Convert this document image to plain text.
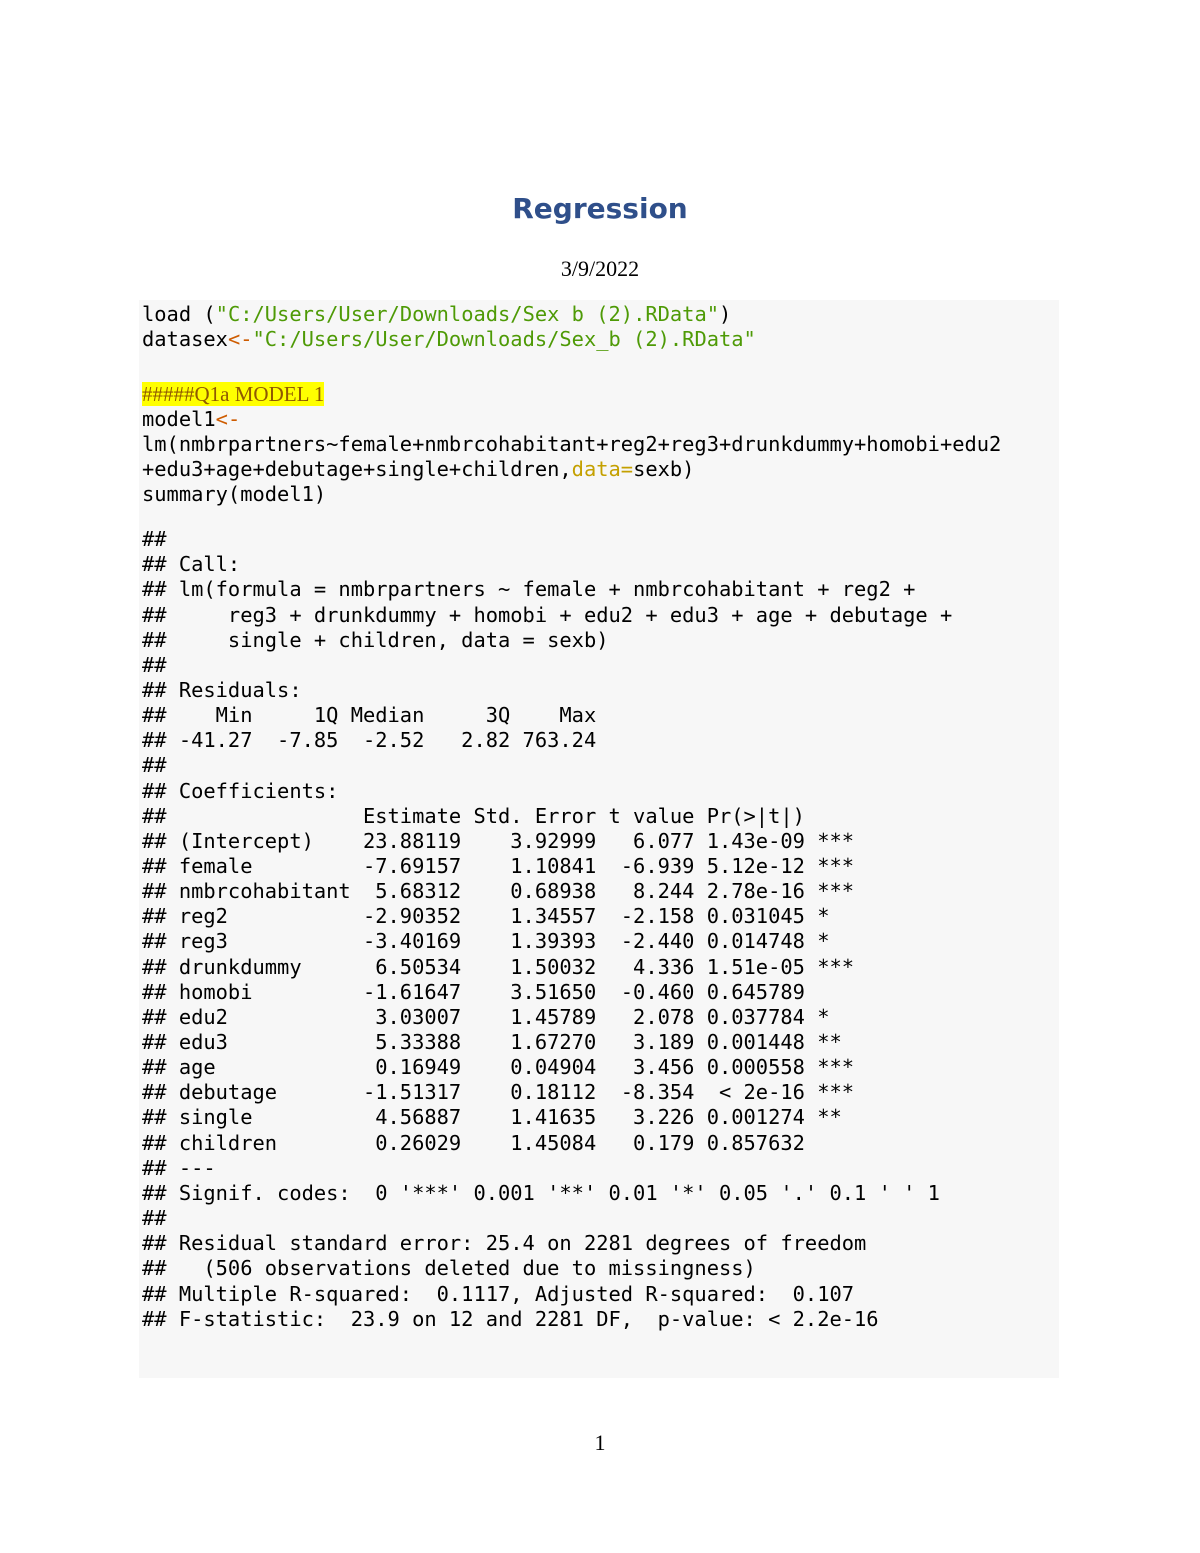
Regression
3/9/2022
load ("C:/Users/User/Downloads/Sex b (2).RData")
datasex<-"C:/Users/User/Downloads/Sex_b (2).RData"
#####Q1a MODEL 1
model1<-
lm(nmbrpartners~female+nmbrcohabitant+reg2+reg3+drunkdummy+homobi+edu2
+edu3+age+debutage+single+children,data=sexb)
summary(model1)
##
## Call:
## lm(formula = nmbrpartners ~ female + nmbrcohabitant + reg2 +
##     reg3 + drunkdummy + homobi + edu2 + edu3 + age + debutage +
##     single + children, data = sexb)
##
## Residuals:
##    Min     1Q Median     3Q    Max
## -41.27  -7.85  -2.52   2.82 763.24
##
## Coefficients:
##                Estimate Std. Error t value Pr(>|t|)
## (Intercept)    23.88119    3.92999   6.077 1.43e-09 ***
## female         -7.69157    1.10841  -6.939 5.12e-12 ***
## nmbrcohabitant  5.68312    0.68938   8.244 2.78e-16 ***
## reg2           -2.90352    1.34557  -2.158 0.031045 *
## reg3           -3.40169    1.39393  -2.440 0.014748 *
## drunkdummy      6.50534    1.50032   4.336 1.51e-05 ***
## homobi         -1.61647    3.51650  -0.460 0.645789
## edu2            3.03007    1.45789   2.078 0.037784 *
## edu3            5.33388    1.67270   3.189 0.001448 **
## age             0.16949    0.04904   3.456 0.000558 ***
## debutage       -1.51317    0.18112  -8.354  < 2e-16 ***
## single          4.56887    1.41635   3.226 0.001274 **
## children        0.26029    1.45084   0.179 0.857632
## ---
## Signif. codes:  0 '***' 0.001 '**' 0.01 '*' 0.05 '.' 0.1 ' ' 1
##
## Residual standard error: 25.4 on 2281 degrees of freedom
##   (506 observations deleted due to missingness)
## Multiple R-squared:  0.1117, Adjusted R-squared:  0.107
## F-statistic:  23.9 on 12 and 2281 DF,  p-value: < 2.2e-16
1
